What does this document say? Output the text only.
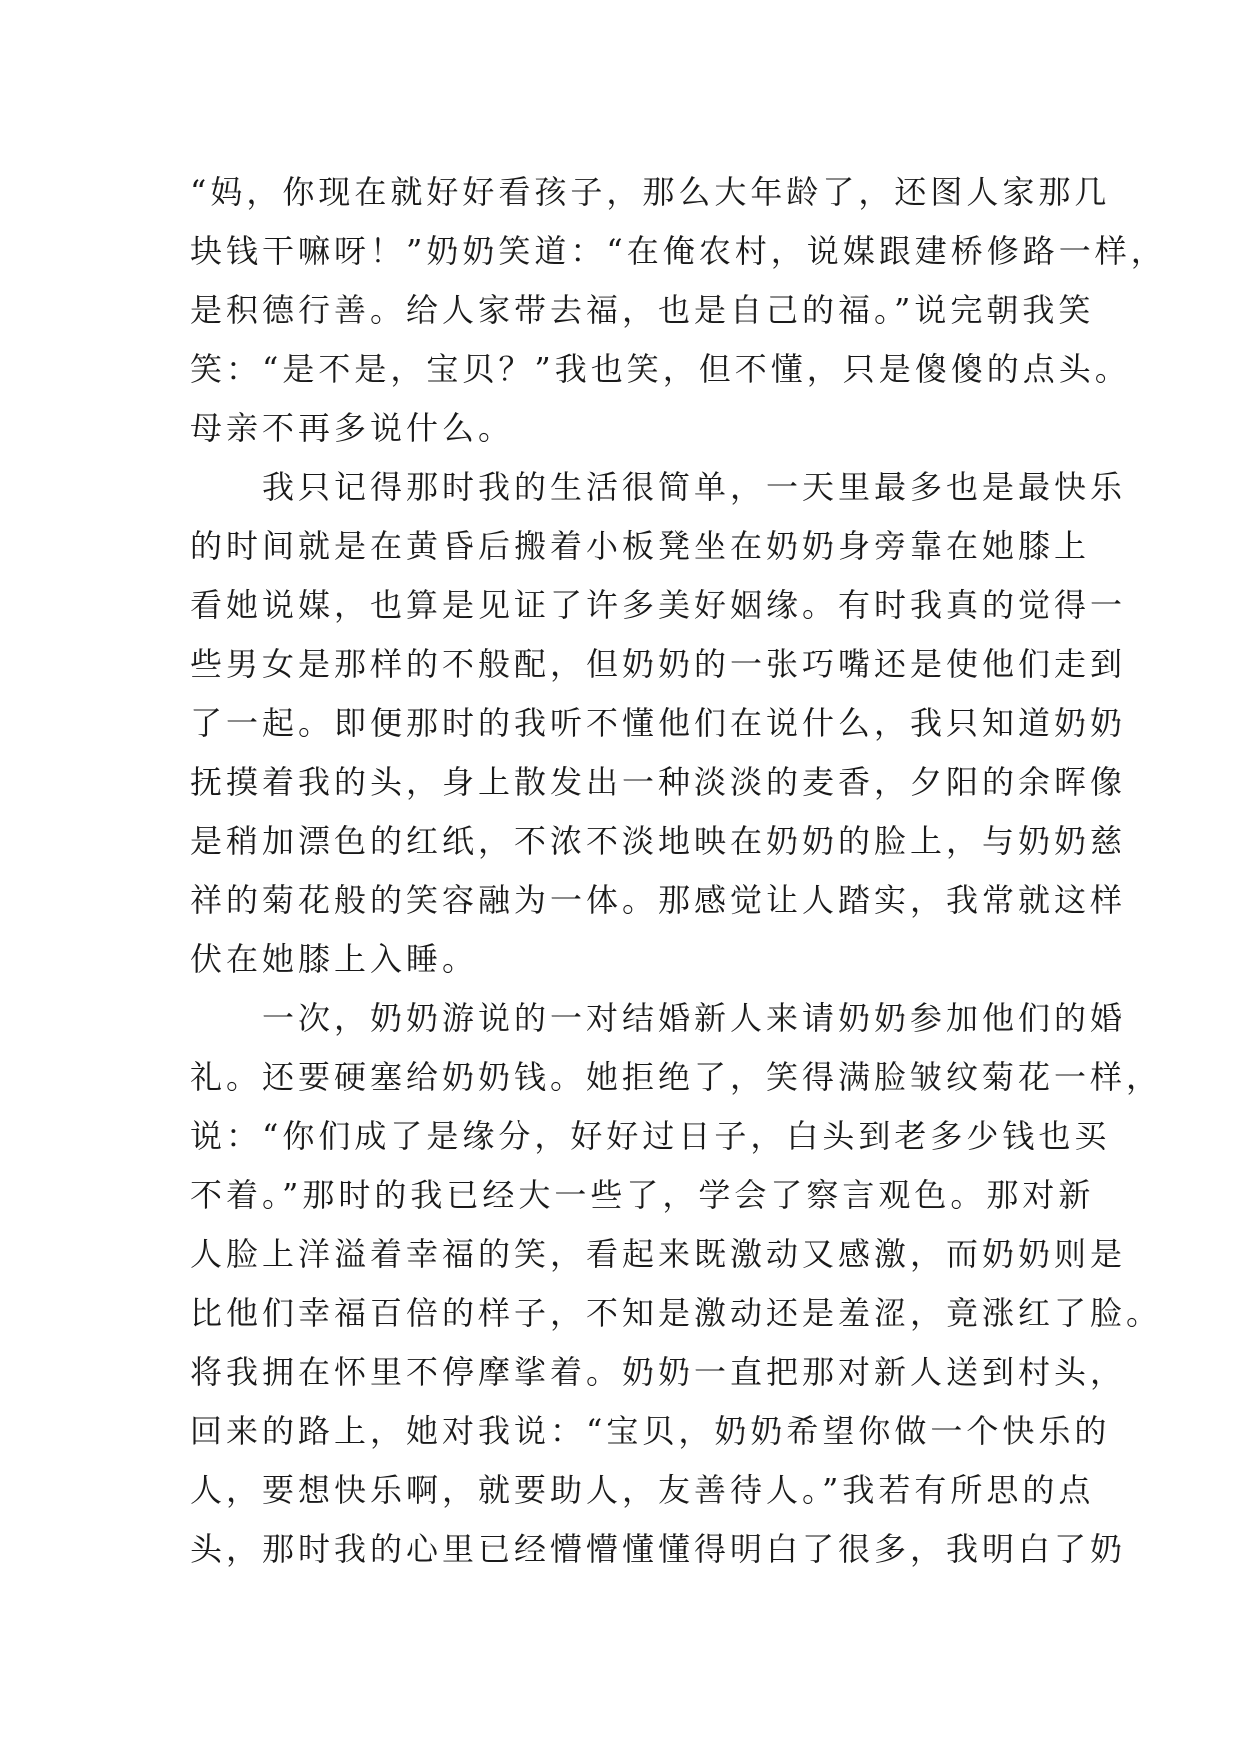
“妈，你现在就好好看孩子，那么大年龄了，还图人家那几
块钱干嘛呀！”奶奶笑道：“在俺农村，说媒跟建桥修路一样，
是积德行善。给人家带去福，也是自己的福。”说完朝我笑
笑：“是不是，宝贝？”我也笑，但不懂，只是傻傻的点头。
母亲不再多说什么。
我只记得那时我的生活很简单，一天里最多也是最快乐
的时间就是在黄昏后搬着小板凳坐在奶奶身旁靠在她膝上
看她说媒，也算是见证了许多美好姻缘。有时我真的觉得一
些男女是那样的不般配，但奶奶的一张巧嘴还是使他们走到
了一起。即便那时的我听不懂他们在说什么，我只知道奶奶
抚摸着我的头，身上散发出一种淡淡的麦香，夕阳的余晖像
是稍加漂色的红纸，不浓不淡地映在奶奶的脸上，与奶奶慈
祥的菊花般的笑容融为一体。那感觉让人踏实，我常就这样
伏在她膝上入睡。
一次，奶奶游说的一对结婚新人来请奶奶参加他们的婚
礼。还要硬塞给奶奶钱。她拒绝了，笑得满脸皱纹菊花一样，
说：“你们成了是缘分，好好过日子，白头到老多少钱也买
不着。”那时的我已经大一些了，学会了察言观色。那对新
人脸上洋溢着幸福的笑，看起来既激动又感激，而奶奶则是
比他们幸福百倍的样子，不知是激动还是羞涩，竟涨红了脸。
将我拥在怀里不停摩挲着。奶奶一直把那对新人送到村头，
回来的路上，她对我说：“宝贝，奶奶希望你做一个快乐的
人，要想快乐啊，就要助人，友善待人。”我若有所思的点
头，那时我的心里已经懵懵懂懂得明白了很多，我明白了奶
